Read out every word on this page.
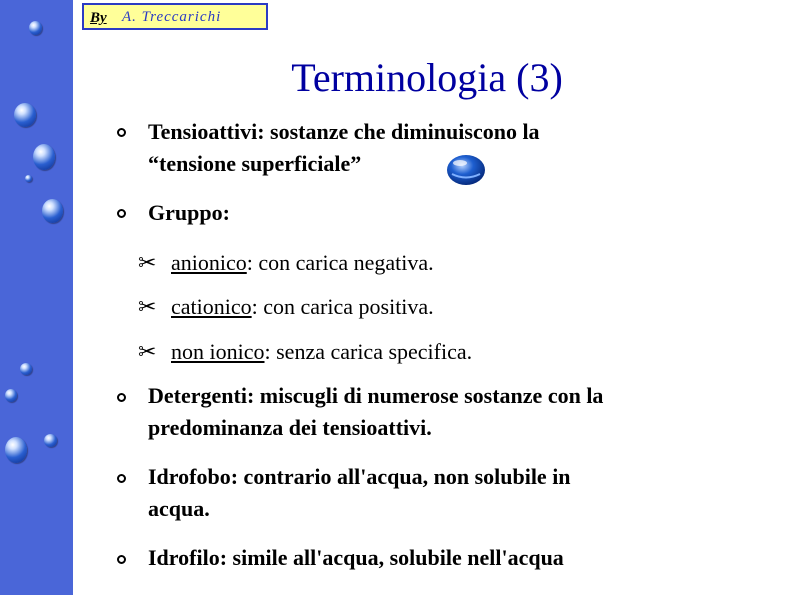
By A. Treccarichi
Terminologia (3)
Tensioattivi: sostanze che diminuiscono la
“tensione superficiale”
Gruppo:
✂ anionico: con carica negativa.
✂ cationico: con carica positiva.
✂ non ionico: senza carica specifica.
Detergenti: miscugli di numerose sostanze con la
predominanza dei tensioattivi.
Idrofobo: contrario all'acqua, non solubile in
acqua.
Idrofilo: simile all'acqua, solubile nell'acqua
